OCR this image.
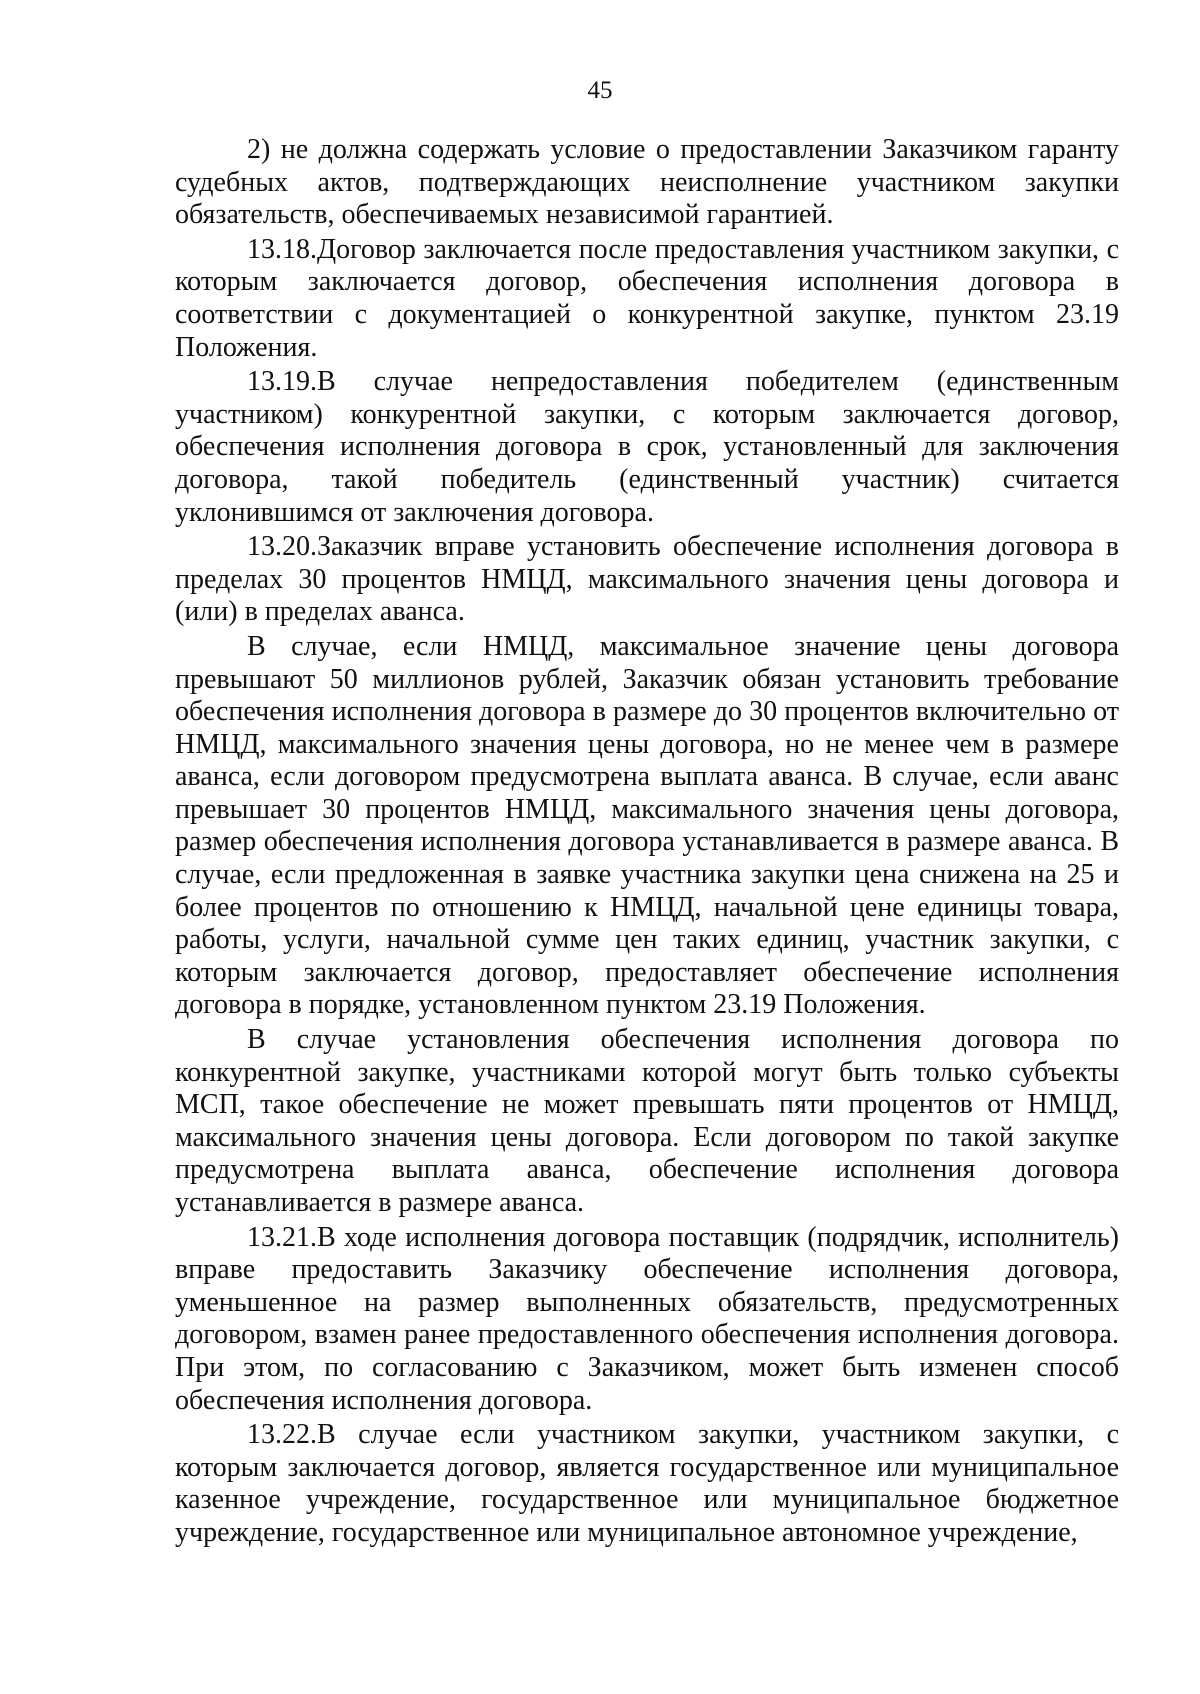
45

2) не должна содержать условие о предоставлении Заказчиком гаранту судебных актов, подтверждающих неисполнение участником закупки обязательств, обеспечиваемых независимой гарантией.

13.18.Договор заключается после предоставления участником закупки, с которым заключается договор, обеспечения исполнения договора в соответствии с документацией о конкурентной закупке, пунктом 23.19 Положения.

13.19.В случае непредоставления победителем (единственным участником) конкурентной закупки, с которым заключается договор, обеспечения исполнения договора в срок, установленный для заключения договора, такой победитель (единственный участник) считается уклонившимся от заключения договора.

13.20.Заказчик вправе установить обеспечение исполнения договора в пределах 30 процентов НМЦД, максимального значения цены договора и (или) в пределах аванса.

В случае, если НМЦД, максимальное значение цены договора превышают 50 миллионов рублей, Заказчик обязан установить требование обеспечения исполнения договора в размере до 30 процентов включительно от НМЦД, максимального значения цены договора, но не менее чем в размере аванса, если договором предусмотрена выплата аванса. В случае, если аванс превышает 30 процентов НМЦД, максимального значения цены договора, размер обеспечения исполнения договора устанавливается в размере аванса. В случае, если предложенная в заявке участника закупки цена снижена на 25 и более процентов по отношению к НМЦД, начальной цене единицы товара, работы, услуги, начальной сумме цен таких единиц, участник закупки, с которым заключается договор, предоставляет обеспечение исполнения договора в порядке, установленном пунктом 23.19 Положения.

В случае установления обеспечения исполнения договора по конкурентной закупке, участниками которой могут быть только субъекты МСП, такое обеспечение не может превышать пяти процентов от НМЦД, максимального значения цены договора. Если договором по такой закупке предусмотрена выплата аванса, обеспечение исполнения договора устанавливается в размере аванса.

13.21.В ходе исполнения договора поставщик (подрядчик, исполнитель) вправе предоставить Заказчику обеспечение исполнения договора, уменьшенное на размер выполненных обязательств, предусмотренных договором, взамен ранее предоставленного обеспечения исполнения договора. При этом, по согласованию с Заказчиком, может быть изменен способ обеспечения исполнения договора.

13.22.В случае если участником закупки, участником закупки, с которым заключается договор, является государственное или муниципальное казенное учреждение, государственное или муниципальное бюджетное учреждение, государственное или муниципальное автономное учреждение,
